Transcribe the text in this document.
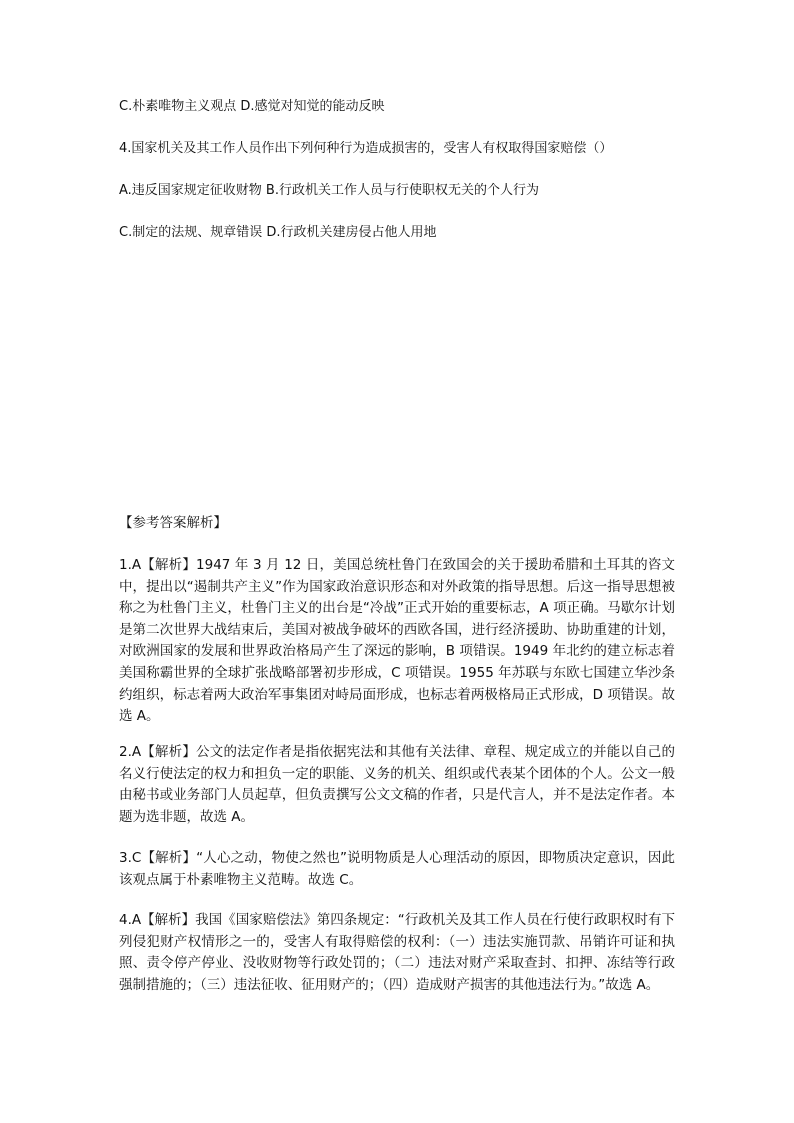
C.朴素唯物主义观点 D.感觉对知觉的能动反映
4.国家机关及其工作人员作出下列何种行为造成损害的，受害人有权取得国家赔偿（）
A.违反国家规定征收财物 B.行政机关工作人员与行使职权无关的个人行为
C.制定的法规、规章错误 D.行政机关建房侵占他人用地
【参考答案解析】
1.A【解析】1947 年 3 月 12 日，美国总统杜鲁门在致国会的关于援助希腊和土耳其的咨文中，提出以“遏制共产主义”作为国家政治意识形态和对外政策的指导思想。后这一指导思想被称之为杜鲁门主义，杜鲁门主义的出台是“冷战”正式开始的重要标志，A 项正确。马歇尔计划是第二次世界大战结束后，美国对被战争破坏的西欧各国，进行经济援助、协助重建的计划，对欧洲国家的发展和世界政治格局产生了深远的影响，B 项错误。1949 年北约的建立标志着美国称霸世界的全球扩张战略部署初步形成，C 项错误。1955 年苏联与东欧七国建立华沙条约组织，标志着两大政治军事集团对峙局面形成，也标志着两极格局正式形成，D 项错误。故选 A。
2.A【解析】公文的法定作者是指依据宪法和其他有关法律、章程、规定成立的并能以自己的名义行使法定的权力和担负一定的职能、义务的机关、组织或代表某个团体的个人。公文一般由秘书或业务部门人员起草，但负责撰写公文文稿的作者，只是代言人，并不是法定作者。本题为选非题，故选 A。
3.C【解析】“人心之动，物使之然也”说明物质是人心理活动的原因，即物质决定意识，因此该观点属于朴素唯物主义范畴。故选 C。
4.A【解析】我国《国家赔偿法》第四条规定：“行政机关及其工作人员在行使行政职权时有下列侵犯财产权情形之一的，受害人有取得赔偿的权利：（一）违法实施罚款、吊销许可证和执照、责令停产停业、没收财物等行政处罚的；（二）违法对财产采取查封、扣押、冻结等行政强制措施的；（三）违法征收、征用财产的；（四）造成财产损害的其他违法行为。”故选 A。
